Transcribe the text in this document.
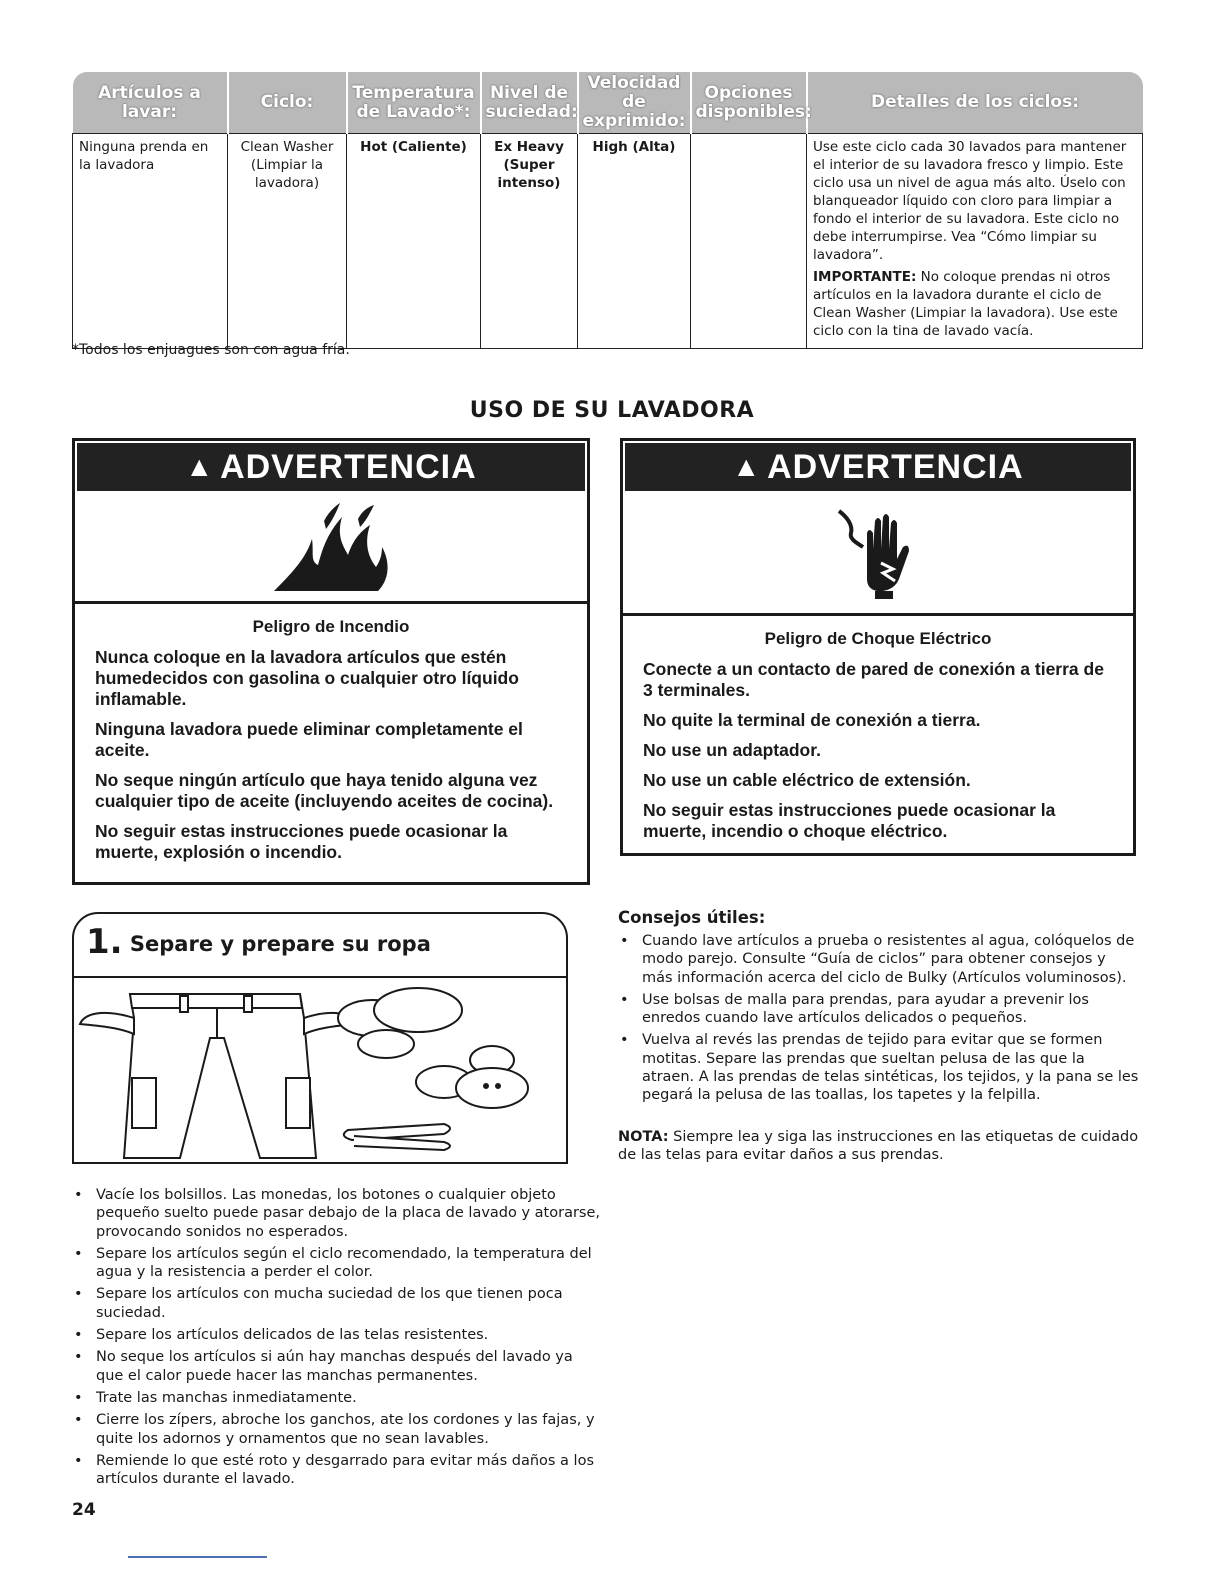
Artículos a lavar:	Ciclo:	Temperatura de Lavado*:	Nivel de suciedad:	Velocidad de exprimido:	Opciones disponibles:	Detalles de los ciclos:
Ninguna prenda en la lavadora	Clean Washer (Limpiar la lavadora)	Hot (Caliente)	Ex Heavy (Super intenso)	High (Alta)		Use este ciclo cada 30 lavados para mantener el interior de su lavadora fresco y limpio. Este ciclo usa un nivel de agua más alto. Úselo con blanqueador líquido con cloro para limpiar a fondo el interior de su lavadora. Este ciclo no debe interrumpirse. Vea “Cómo limpiar su lavadora”.

IMPORTANTE: No coloque prendas ni otros artículos en la lavadora durante el ciclo de Clean Washer (Limpiar la lavadora). Use este ciclo con la tina de lavado vacía.

*Todos los enjuagues son con agua fría.
USO DE SU LAVADORA
▲ ADVERTENCIA
Peligro de Incendio

Nunca coloque en la lavadora artículos que estén humedecidos con gasolina o cualquier otro líquido inflamable.

Ninguna lavadora puede eliminar completamente el aceite.

No seque ningún artículo que haya tenido alguna vez cualquier tipo de aceite (incluyendo aceites de cocina).

No seguir estas instrucciones puede ocasionar la muerte, explosión o incendio.

▲ ADVERTENCIA
Peligro de Choque Eléctrico

Conecte a un contacto de pared de conexión a tierra de 3 terminales.

No quite la terminal de conexión a tierra.

No use un adaptador.

No use un cable eléctrico de extensión.

No seguir estas instrucciones puede ocasionar la muerte, incendio o choque eléctrico.

1. Separe y prepare su ropa
• Vacíe los bolsillos. Las monedas, los botones o cualquier objeto pequeño suelto puede pasar debajo de la placa de lavado y atorarse, provocando sonidos no esperados.
• Separe los artículos según el ciclo recomendado, la temperatura del agua y la resistencia a perder el color.
• Separe los artículos con mucha suciedad de los que tienen poca suciedad.
• Separe los artículos delicados de las telas resistentes.
• No seque los artículos si aún hay manchas después del lavado ya que el calor puede hacer las manchas permanentes.
• Trate las manchas inmediatamente.
• Cierre los zípers, abroche los ganchos, ate los cordones y las fajas, y quite los adornos y ornamentos que no sean lavables.
• Remiende lo que esté roto y desgarrado para evitar más daños a los artículos durante el lavado.
Consejos útiles:
• Cuando lave artículos a prueba o resistentes al agua, colóquelos de modo parejo. Consulte “Guía de ciclos” para obtener consejos y más información acerca del ciclo de Bulky (Artículos voluminosos).
• Use bolsas de malla para prendas, para ayudar a prevenir los enredos cuando lave artículos delicados o pequeños.
• Vuelva al revés las prendas de tejido para evitar que se formen motitas. Separe las prendas que sueltan pelusa de las que la atraen. A las prendas de telas sintéticas, los tejidos, y la pana se les pegará la pelusa de las toallas, los tapetes y la felpilla.
NOTA: Siempre lea y siga las instrucciones en las etiquetas de cuidado de las telas para evitar daños a sus prendas.
24
